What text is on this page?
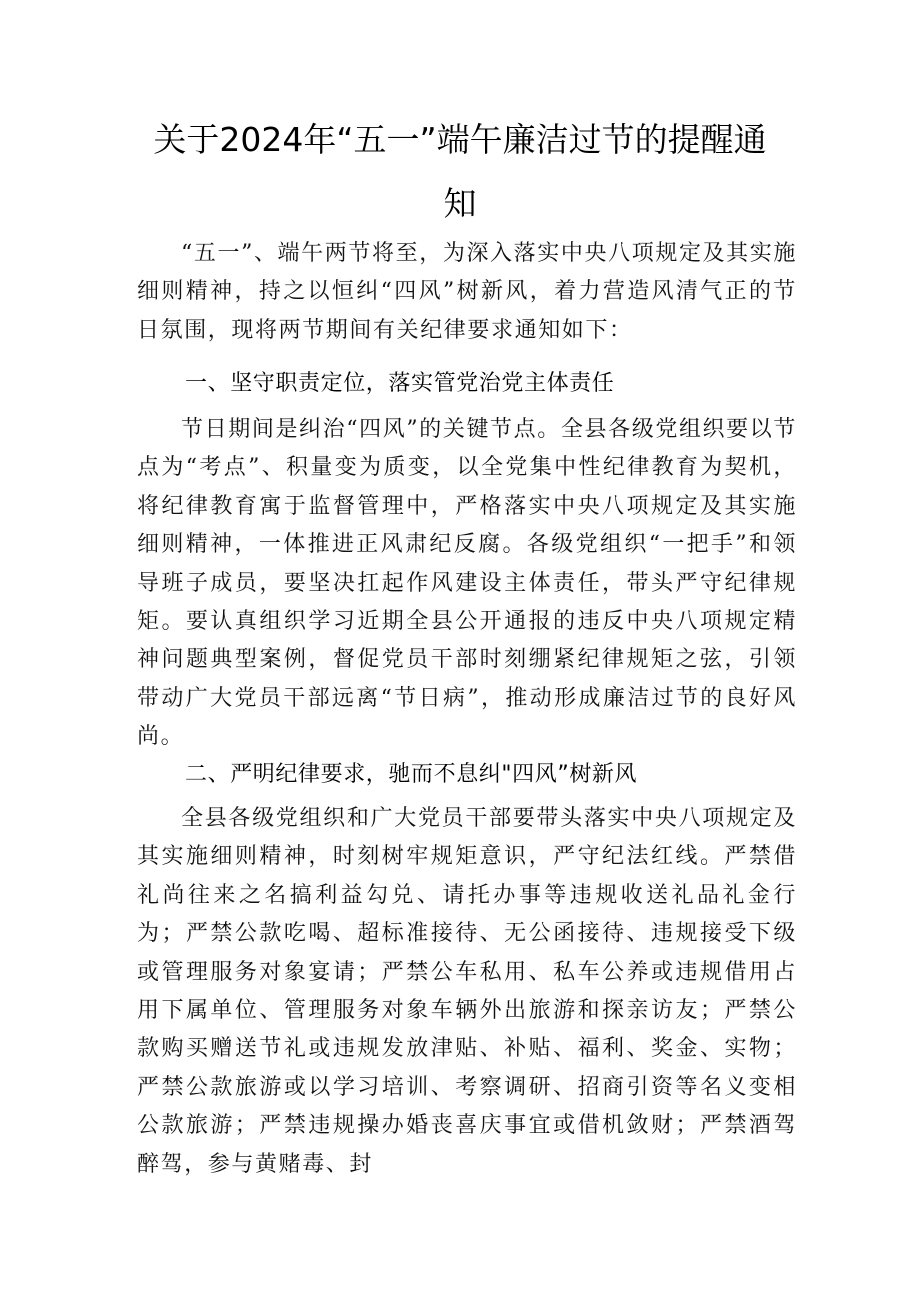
关于2024年“五一”端午廉洁过节的提醒通
知

“五一”、端午两节将至，为深入落实中央八项规定及其实施细则精神，持之以恒纠“四风”树新风，着力营造风清气正的节日氛围，现将两节期间有关纪律要求通知如下：

一、坚守职责定位，落实管党治党主体责任

节日期间是纠治“四风”的关键节点。全县各级党组织要以节点为“考点”、积量变为质变，以全党集中性纪律教育为契机，将纪律教育寓于监督管理中，严格落实中央八项规定及其实施细则精神，一体推进正风肃纪反腐。各级党组织“一把手”和领导班子成员，要坚决扛起作风建设主体责任，带头严守纪律规矩。要认真组织学习近期全县公开通报的违反中央八项规定精神问题典型案例，督促党员干部时刻绷紧纪律规矩之弦，引领带动广大党员干部远离“节日病”，推动形成廉洁过节的良好风尚。

二、严明纪律要求，驰而不息纠"四风”树新风

全县各级党组织和广大党员干部要带头落实中央八项规定及其实施细则精神，时刻树牢规矩意识，严守纪法红线。严禁借礼尚往来之名搞利益勾兑、请托办事等违规收送礼品礼金行为；严禁公款吃喝、超标准接待、无公函接待、违规接受下级或管理服务对象宴请；严禁公车私用、私车公养或违规借用占用下属单位、管理服务对象车辆外出旅游和探亲访友；严禁公款购买赠送节礼或违规发放津贴、补贴、福利、奖金、实物；严禁公款旅游或以学习培训、考察调研、招商引资等名义变相公款旅游；严禁违规操办婚丧喜庆事宜或借机敛财；严禁酒驾醉驾，参与黄赌毒、封
